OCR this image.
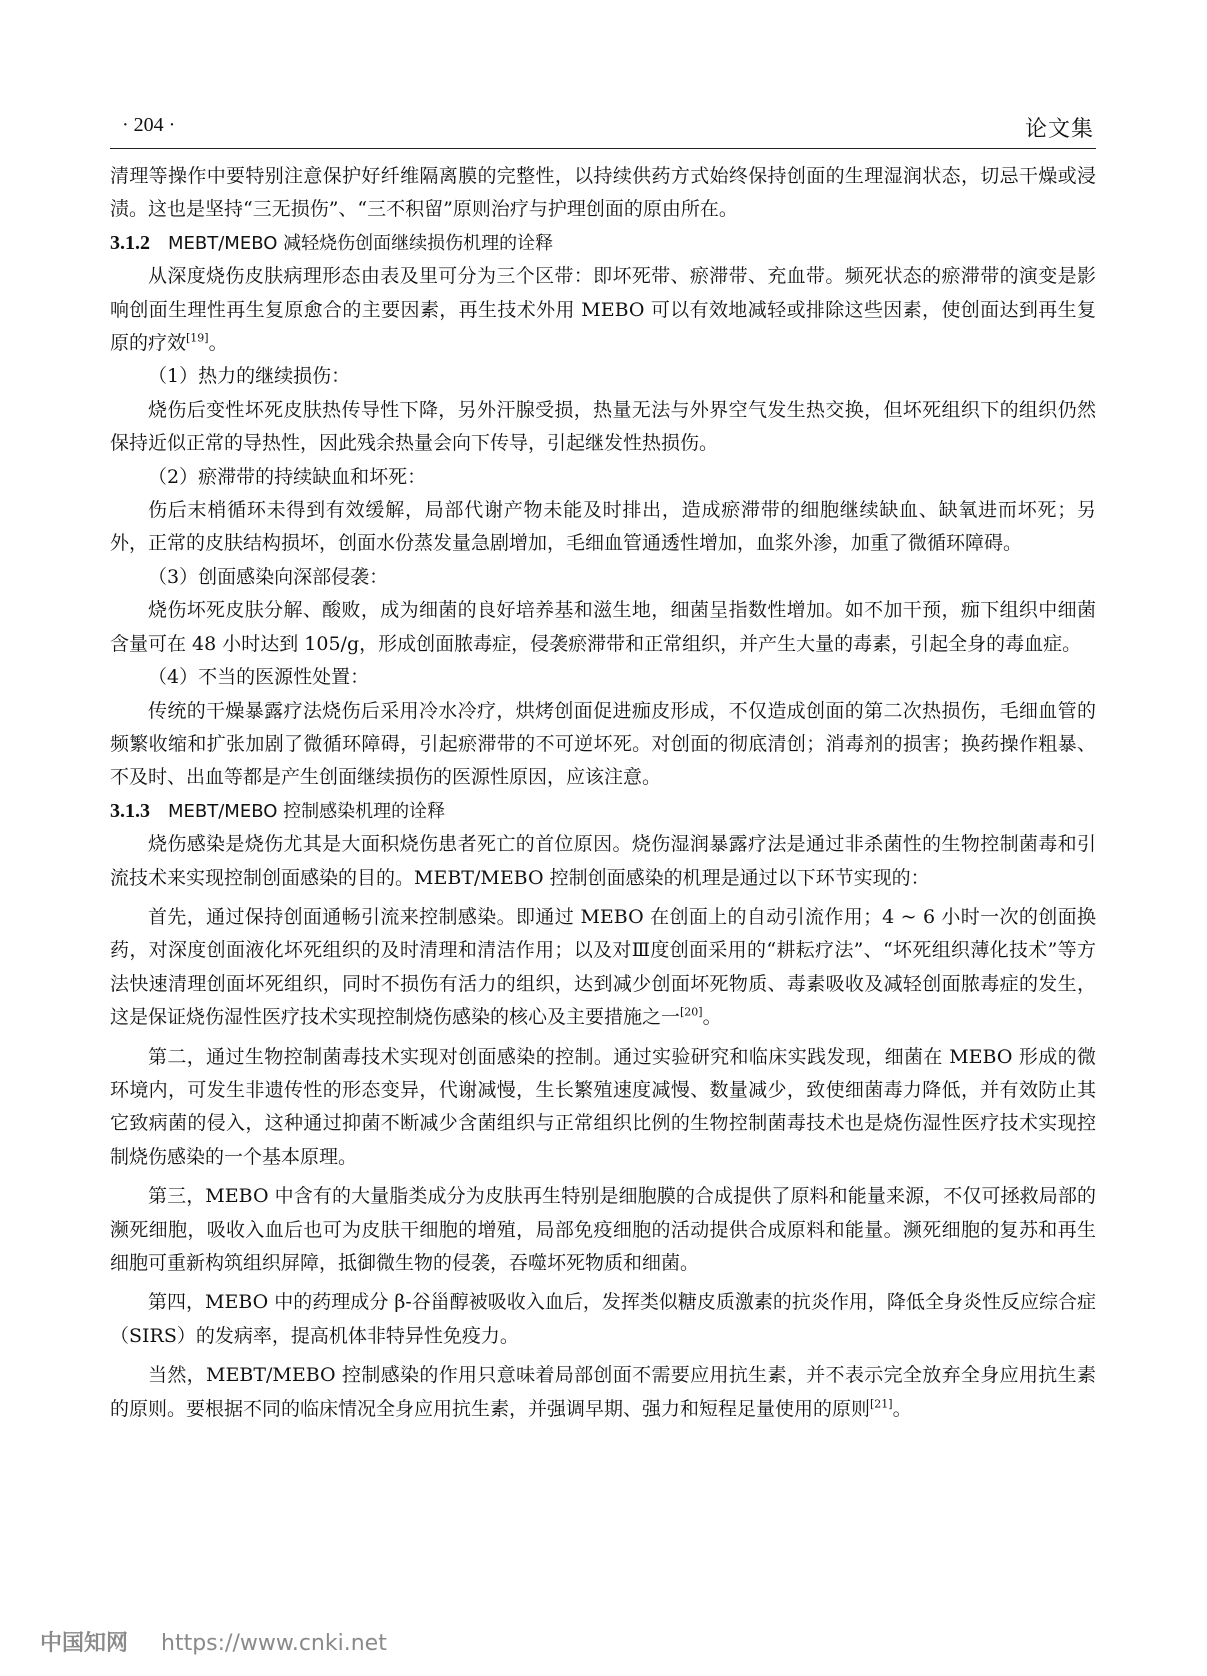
· 204 ·	论文集

清理等操作中要特别注意保护好纤维隔离膜的完整性，以持续供药方式始终保持创面的生理湿润状态，切忌干燥或浸渍。这也是坚持“三无损伤”、“三不积留”原则治疗与护理创面的原由所在。

3.1.2  MEBT/MEBO 减轻烧伤创面继续损伤机理的诠释

从深度烧伤皮肤病理形态由表及里可分为三个区带：即坏死带、瘀滞带、充血带。频死状态的瘀滞带的演变是影响创面生理性再生复原愈合的主要因素，再生技术外用 MEBO 可以有效地减轻或排除这些因素，使创面达到再生复原的疗效[19]。

（1）热力的继续损伤：

烧伤后变性坏死皮肤热传导性下降，另外汗腺受损，热量无法与外界空气发生热交换，但坏死组织下的组织仍然保持近似正常的导热性，因此残余热量会向下传导，引起继发性热损伤。

（2）瘀滞带的持续缺血和坏死：

伤后末梢循环未得到有效缓解，局部代谢产物未能及时排出，造成瘀滞带的细胞继续缺血、缺氧进而坏死；另外，正常的皮肤结构损坏，创面水份蒸发量急剧增加，毛细血管通透性增加，血浆外渗，加重了微循环障碍。

（3）创面感染向深部侵袭：

烧伤坏死皮肤分解、酸败，成为细菌的良好培养基和滋生地，细菌呈指数性增加。如不加干预，痂下组织中细菌含量可在 48 小时达到 105/g，形成创面脓毒症，侵袭瘀滞带和正常组织，并产生大量的毒素，引起全身的毒血症。

（4）不当的医源性处置：

传统的干燥暴露疗法烧伤后采用冷水冷疗，烘烤创面促进痂皮形成，不仅造成创面的第二次热损伤，毛细血管的频繁收缩和扩张加剧了微循环障碍，引起瘀滞带的不可逆坏死。对创面的彻底清创；消毒剂的损害；换药操作粗暴、不及时、出血等都是产生创面继续损伤的医源性原因，应该注意。

3.1.3  MEBT/MEBO 控制感染机理的诠释

烧伤感染是烧伤尤其是大面积烧伤患者死亡的首位原因。烧伤湿润暴露疗法是通过非杀菌性的生物控制菌毒和引流技术来实现控制创面感染的目的。MEBT/MEBO 控制创面感染的机理是通过以下环节实现的：

首先，通过保持创面通畅引流来控制感染。即通过 MEBO 在创面上的自动引流作用；4 ~ 6 小时一次的创面换药，对深度创面液化坏死组织的及时清理和清洁作用；以及对Ⅲ度创面采用的“耕耘疗法”、“坏死组织薄化技术”等方法快速清理创面坏死组织，同时不损伤有活力的组织，达到减少创面坏死物质、毒素吸收及减轻创面脓毒症的发生，这是保证烧伤湿性医疗技术实现控制烧伤感染的核心及主要措施之一[20]。

第二，通过生物控制菌毒技术实现对创面感染的控制。通过实验研究和临床实践发现，细菌在 MEBO 形成的微环境内，可发生非遗传性的形态变异，代谢减慢，生长繁殖速度减慢、数量减少，致使细菌毒力降低，并有效防止其它致病菌的侵入，这种通过抑菌不断减少含菌组织与正常组织比例的生物控制菌毒技术也是烧伤湿性医疗技术实现控制烧伤感染的一个基本原理。

第三，MEBO 中含有的大量脂类成分为皮肤再生特别是细胞膜的合成提供了原料和能量来源，不仅可拯救局部的濒死细胞，吸收入血后也可为皮肤干细胞的增殖，局部免疫细胞的活动提供合成原料和能量。濒死细胞的复苏和再生细胞可重新构筑组织屏障，抵御微生物的侵袭，吞噬坏死物质和细菌。

第四，MEBO 中的药理成分 β-谷甾醇被吸收入血后，发挥类似糖皮质激素的抗炎作用，降低全身炎性反应综合症（SIRS）的发病率，提高机体非特异性免疫力。

当然，MEBT/MEBO 控制感染的作用只意味着局部创面不需要应用抗生素，并不表示完全放弃全身应用抗生素的原则。要根据不同的临床情况全身应用抗生素，并强调早期、强力和短程足量使用的原则[21]。

中国知网 https://www.cnki.net
